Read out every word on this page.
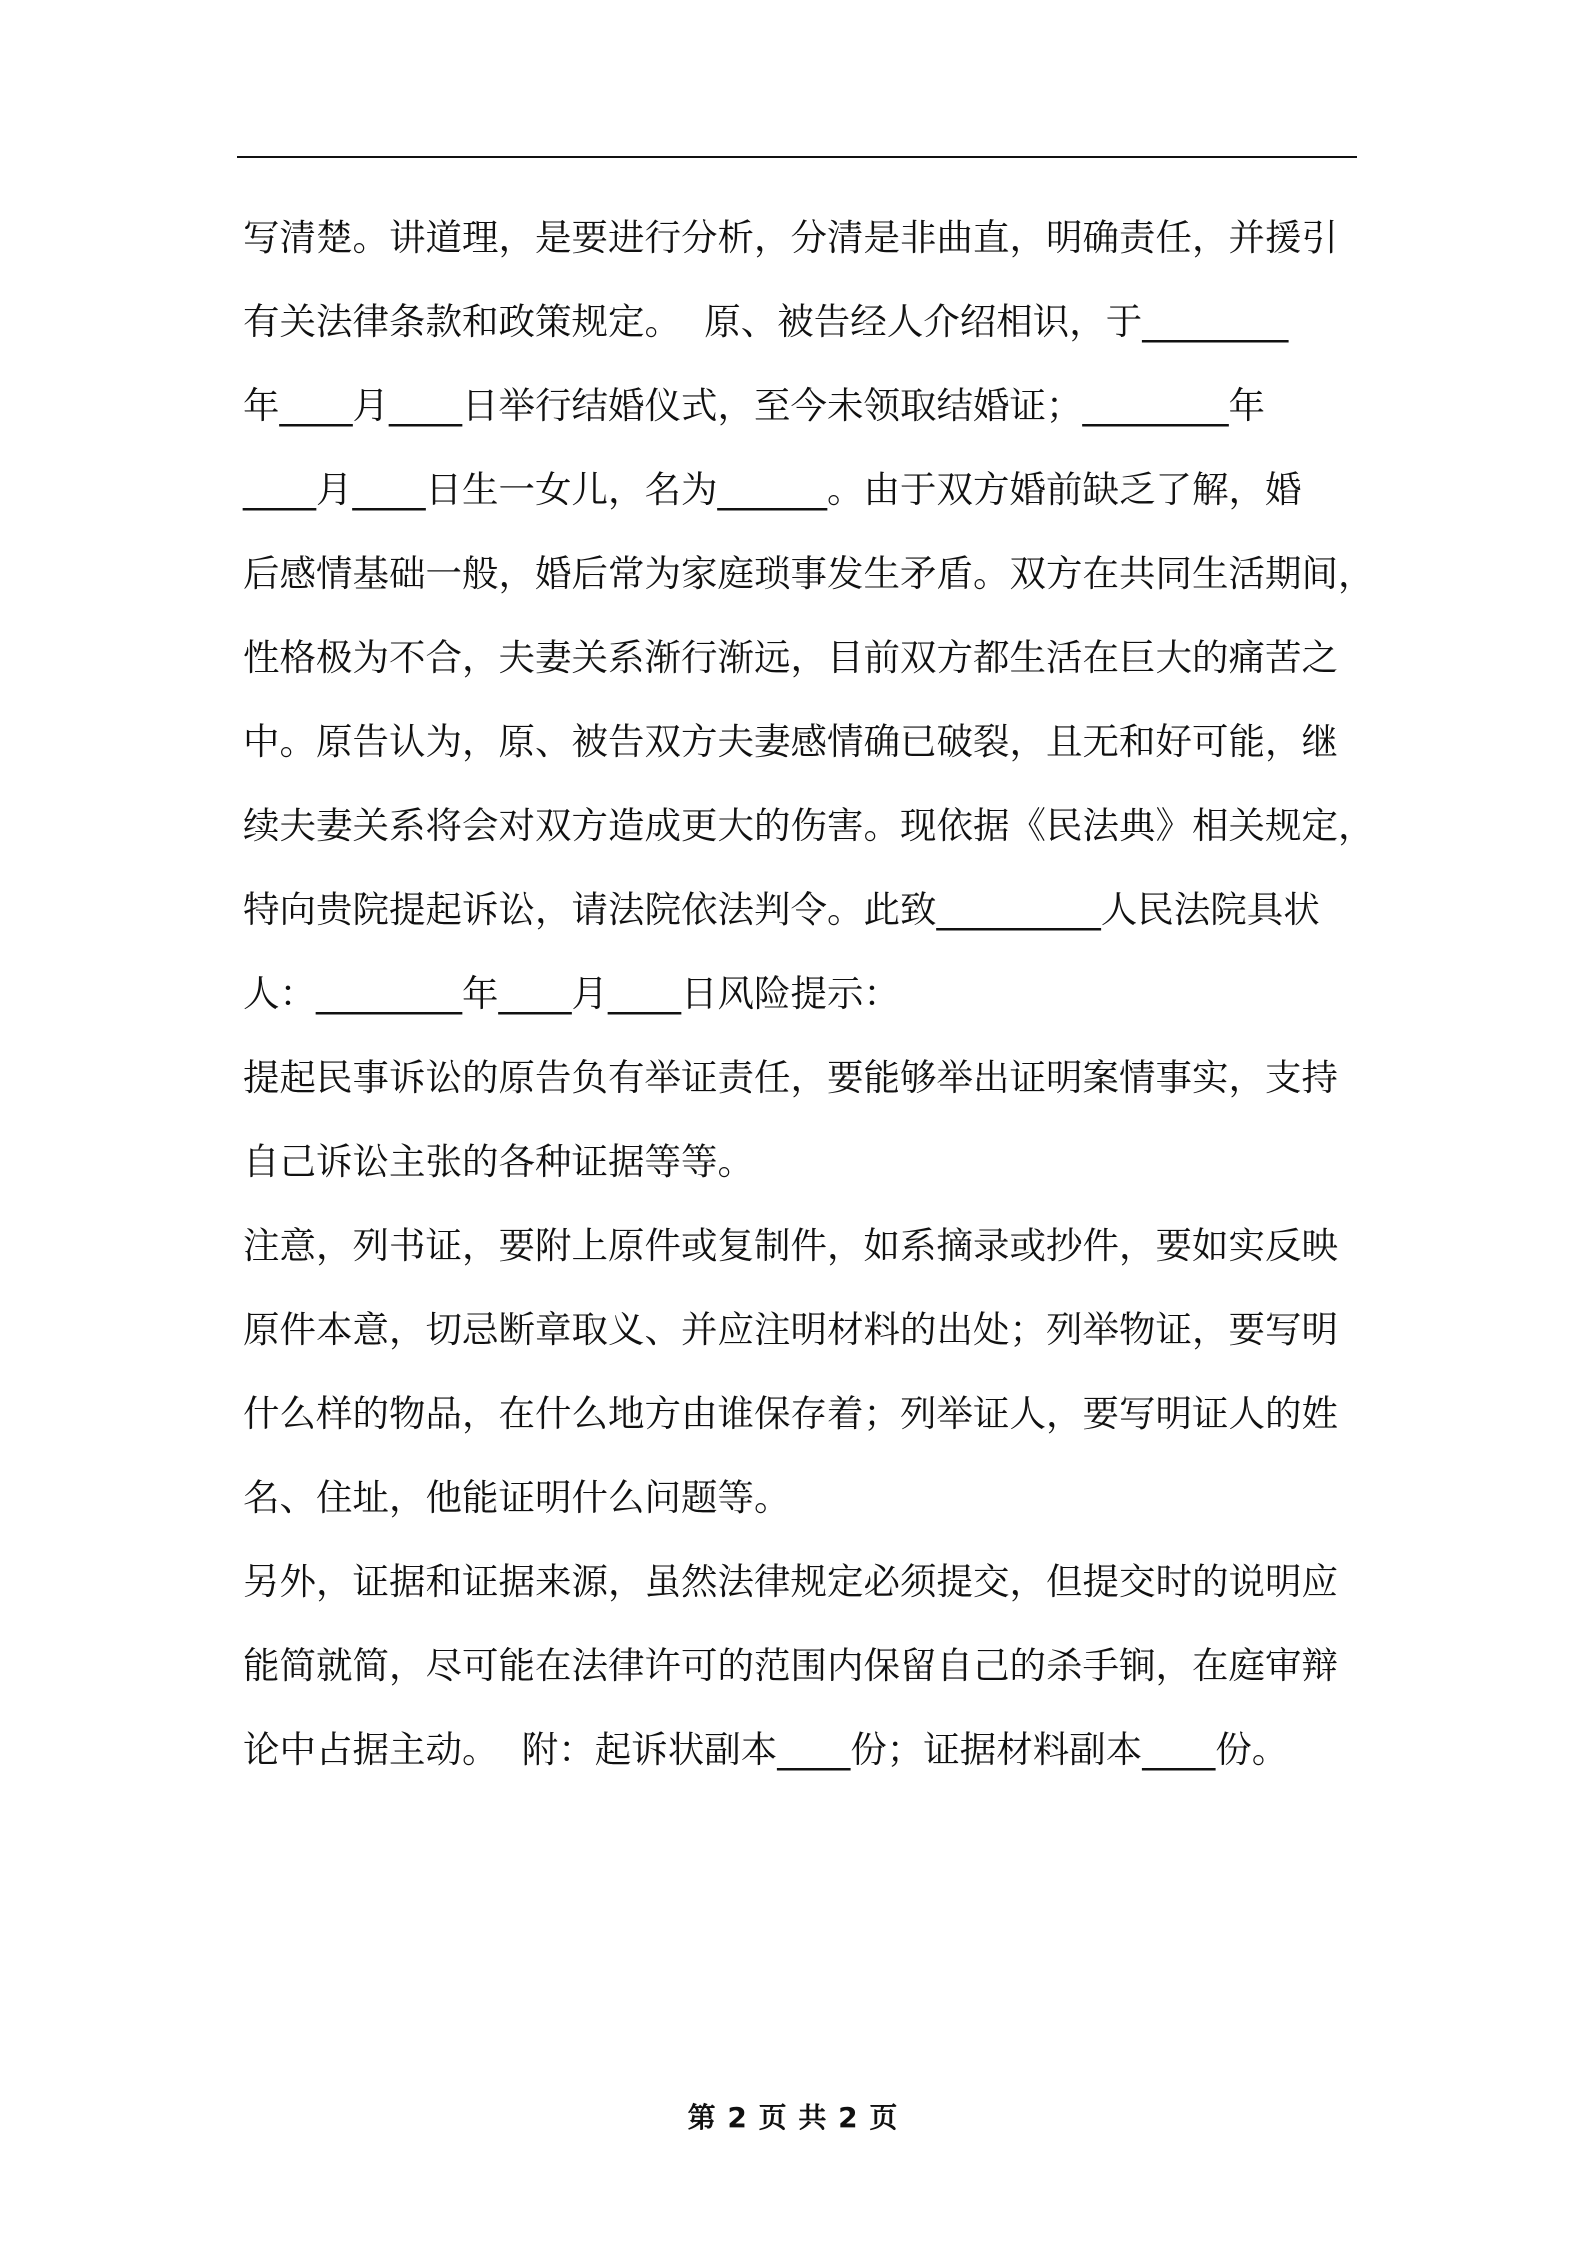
写清楚。讲道理，是要进行分析，分清是非曲直，明确责任，并援引
有关法律条款和政策规定。  原、被告经人介绍相识，于________
年____月____日举行结婚仪式，至今未领取结婚证；________年
____月____日生一女儿，名为______。由于双方婚前缺乏了解，婚
后感情基础一般，婚后常为家庭琐事发生矛盾。双方在共同生活期间，
性格极为不合，夫妻关系渐行渐远，目前双方都生活在巨大的痛苦之
中。原告认为，原、被告双方夫妻感情确已破裂，且无和好可能，继
续夫妻关系将会对双方造成更大的伤害。现依据《民法典》相关规定，
特向贵院提起诉讼，请法院依法判令。此致_________人民法院具状
人：________年____月____日风险提示：
提起民事诉讼的原告负有举证责任，要能够举出证明案情事实，支持
自己诉讼主张的各种证据等等。
注意，列书证，要附上原件或复制件，如系摘录或抄件，要如实反映
原件本意，切忌断章取义、并应注明材料的出处；列举物证，要写明
什么样的物品，在什么地方由谁保存着；列举证人，要写明证人的姓
名、住址，他能证明什么问题等。
另外，证据和证据来源，虽然法律规定必须提交，但提交时的说明应
能简就简，尽可能在法律许可的范围内保留自己的杀手锏，在庭审辩
论中占据主动。  附：起诉状副本____份；证据材料副本____份。
第 2 页 共 2 页
